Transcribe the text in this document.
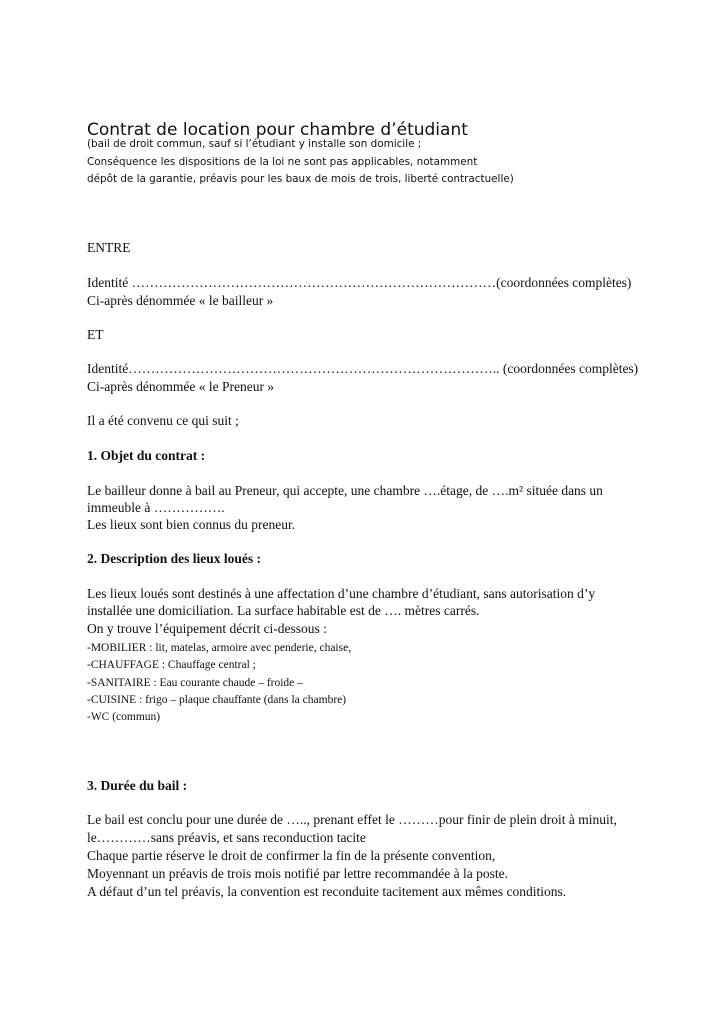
Contrat de location pour chambre d’étudiant
(bail de droit commun, sauf si l’étudiant y installe son domicile ;
Conséquence les dispositions de la loi ne sont pas applicables, notamment
dépôt de la garantie, préavis pour les baux de mois de trois, liberté contractuelle)
ENTRE
Identité ………………………………………………………………………(coordonnées complètes)
Ci-après dénommée « le bailleur »
ET
Identité……………………………………………………………………….. (coordonnées complètes)
Ci-après dénommée « le Preneur »
Il a été convenu ce qui suit ;
1. Objet du contrat :
Le bailleur donne à bail au Preneur, qui accepte, une chambre ….étage, de ….m² située dans un
immeuble à …………….
Les lieux sont bien connus du preneur.
2. Description des lieux loués :
Les lieux loués sont destinés à une affectation d’une chambre d’étudiant, sans autorisation d’y
installée une domiciliation. La surface habitable est de …. mètres carrés.
On y trouve l’équipement décrit ci-dessous :
-MOBILIER : lit, matelas, armoire avec penderie, chaise,
-CHAUFFAGE : Chauffage central ;
-SANITAIRE : Eau courante chaude – froide –
-CUISINE : frigo – plaque chauffante (dans la chambre)
-WC (commun)
3. Durée du bail :
Le bail est conclu pour une durée de ….., prenant effet le ………pour finir de plein droit à minuit,
le…………sans préavis, et sans reconduction tacite
Chaque partie réserve le droit de confirmer la fin de la présente convention,
Moyennant un préavis de trois mois notifié par lettre recommandée à la poste.
A défaut d’un tel préavis, la convention est reconduite tacitement aux mêmes conditions.
